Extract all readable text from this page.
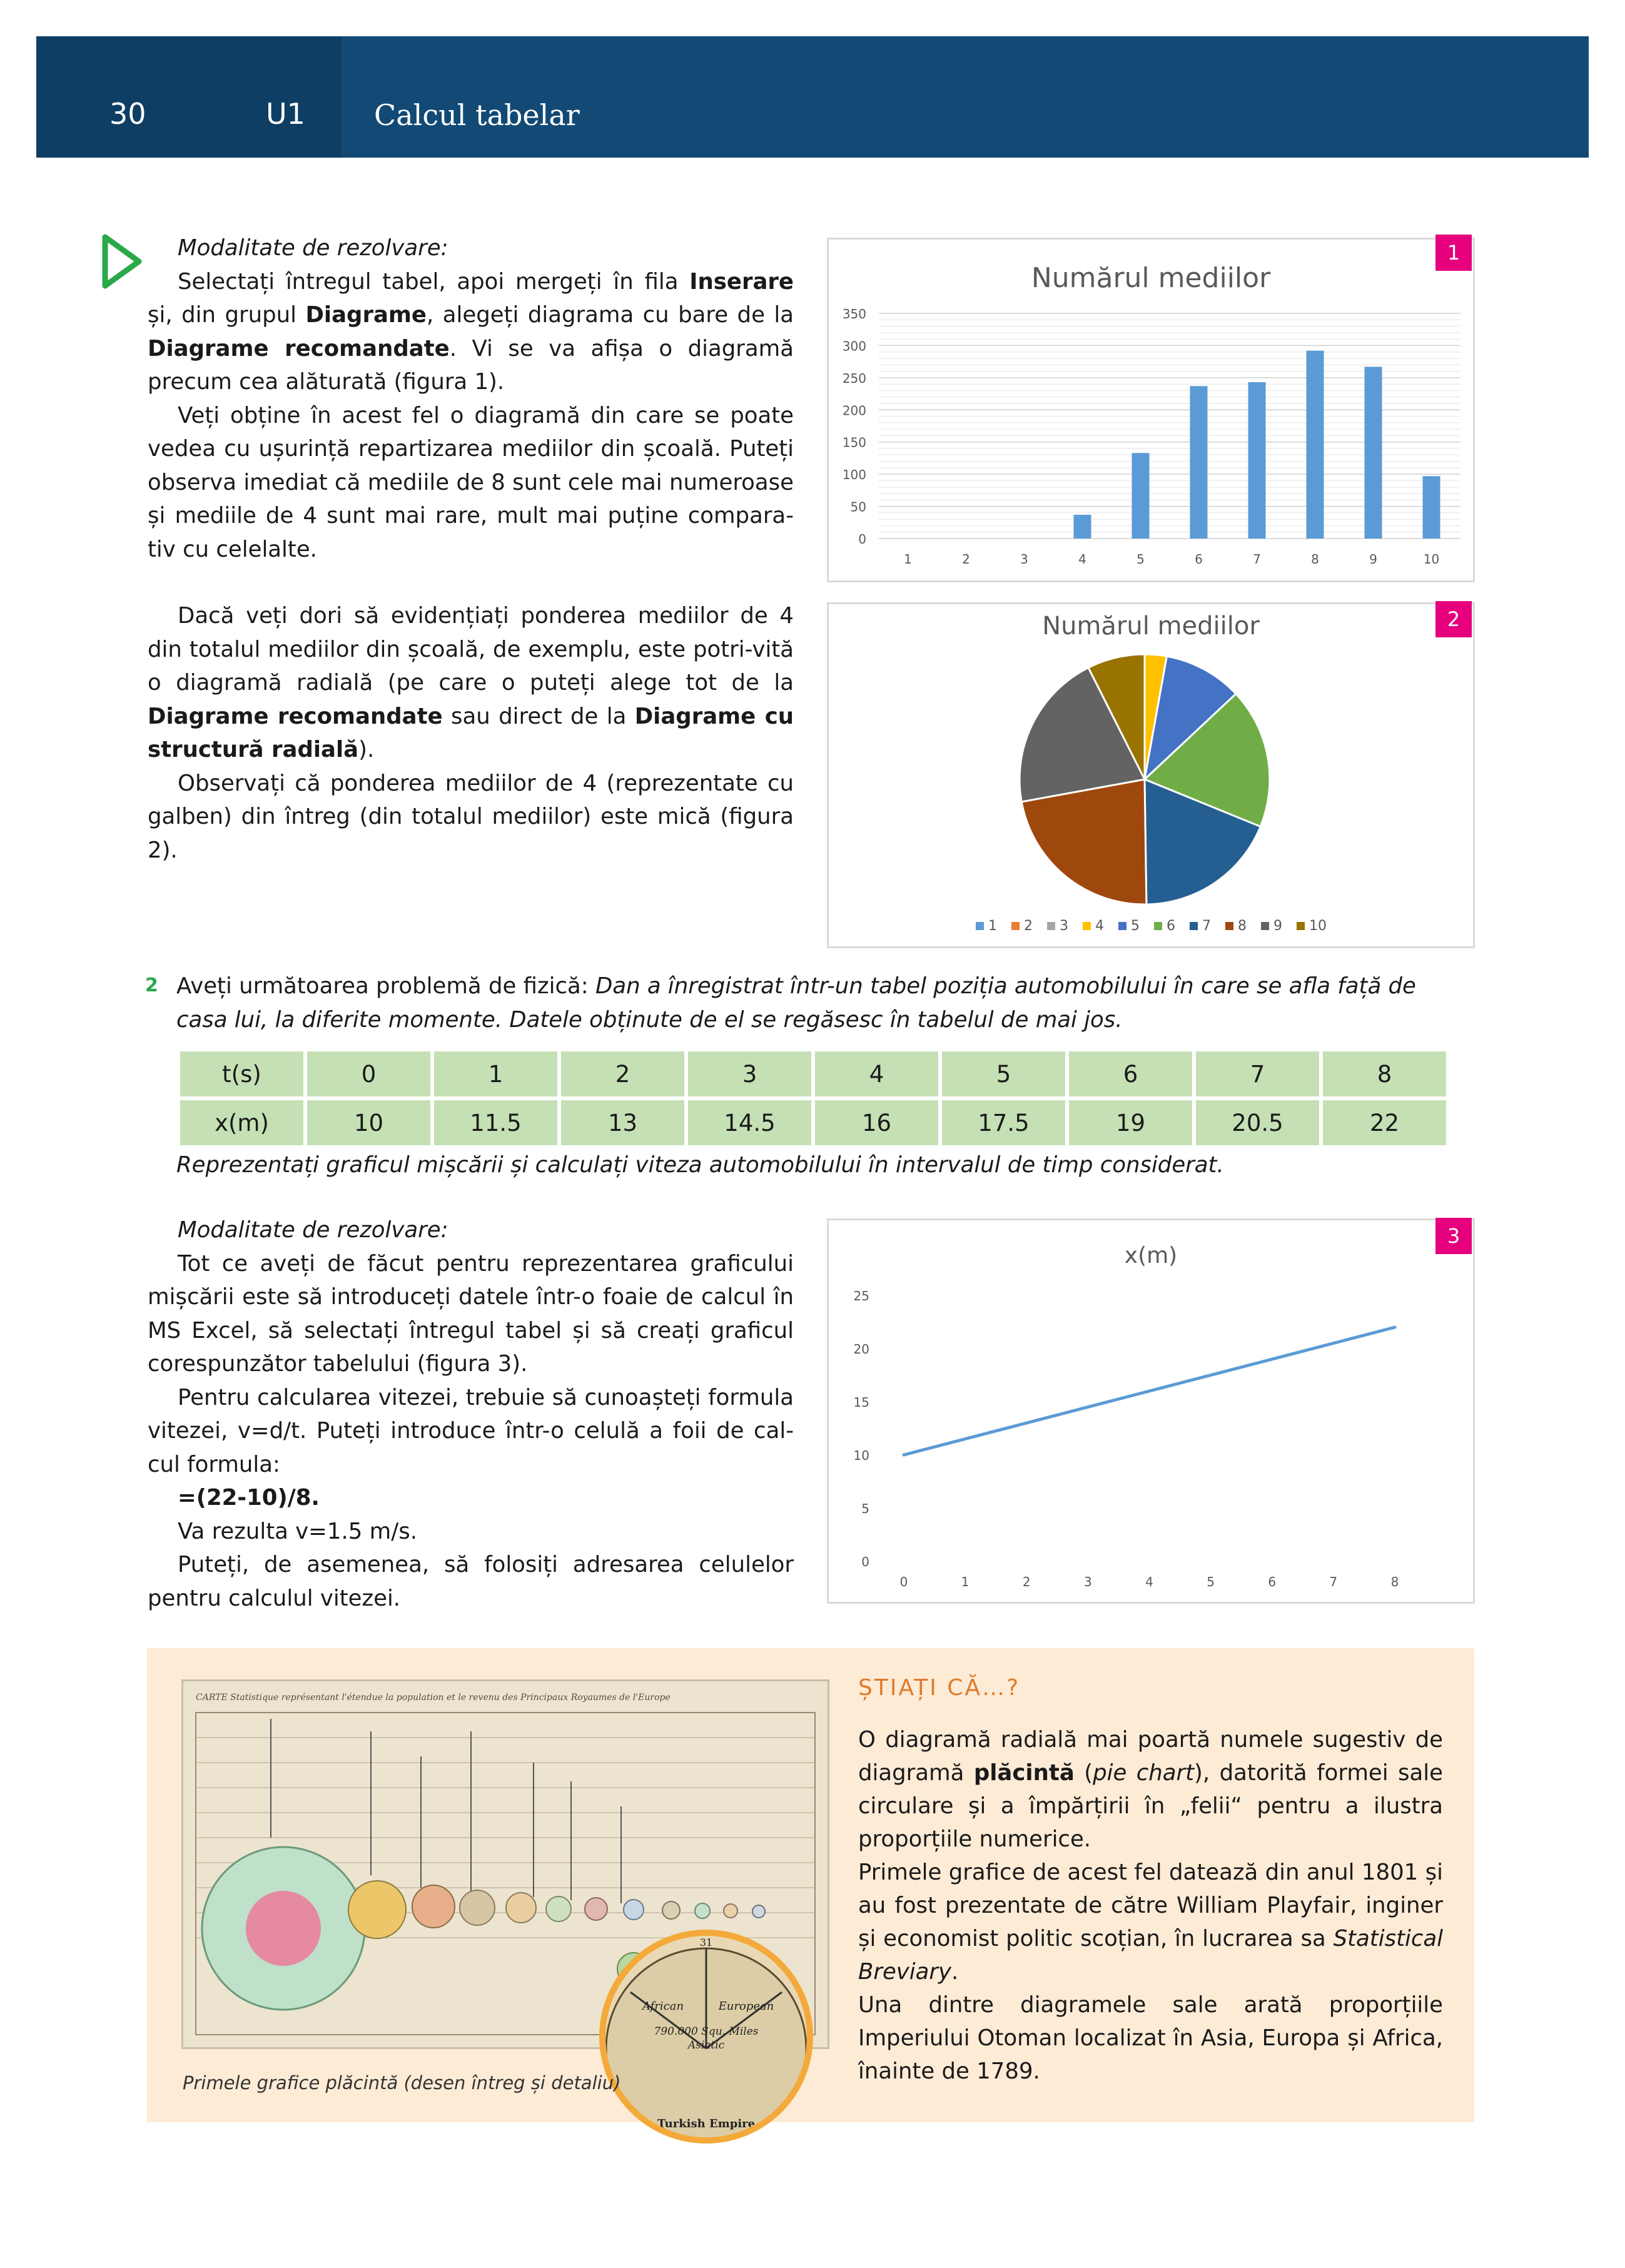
30	U1 Calcul tabelar

Modalitate de rezolvare:

Selectați întregul tabel, apoi mergeți în fila Inserare și, din grupul Diagrame, alegeți diagrama cu bare de la Diagrame recomandate. Vi se va afișa o diagramă precum cea alăturată (figura 1).

Veți obține în acest fel o diagramă din care se poate vedea cu ușurință repartizarea mediilor din școală. Puteți observa imediat că mediile de 8 sunt cele mai numeroase și mediile de 4 sunt mai rare, mult mai puține compara-tiv cu celelalte.

Dacă veți dori să evidențiați ponderea mediilor de 4 din totalul mediilor din școală, de exemplu, este potri-vită o diagramă radială (pe care o puteți alege tot de la Diagrame recomandate sau direct de la Diagrame cu structură radială).

Observați că ponderea mediilor de 4 (reprezentate cu galben) din întreg (din totalul mediilor) este mică (figura 2).

0
50
100
150
200
250
300
350
1	2	3	4	5	6	7	8	9	10
Numărul mediilor
1
1 2 3 4 5 6 7 8 9 10
Numărul mediilor	2
2 Aveți următoarea problemă de fizică: Dan a înregistrat într-un tabel poziția automobilului în care se afla față de casa lui, la diferite momente. Datele obținute de el se regăsesc în tabelul de mai jos.

t(s)	0	1	2	3	4	5	6	7	8
x(m)	10	11.5	13	14.5	16	17.5	19	20.5	22
Reprezentați graficul mișcării și calculați viteza automobilului în intervalul de timp considerat.

Modalitate de rezolvare:

Tot ce aveți de făcut pentru reprezentarea graficului mișcării este să introduceți datele într-o foaie de calcul în MS Excel, să selectați întregul tabel și să creați graficul corespunzător tabelului (figura 3).

Pentru calcularea vitezei, trebuie să cunoașteți formula vitezei, v=d/t. Puteți introduce într-o celulă a foii de cal-cul formula:

=(22-10)/8.

Va rezulta v=1.5 m/s.

Puteți, de asemenea, să folosiți adresarea celulelor pentru calculul vitezei.

0
5
10
15
20
25
0	1	2	3	4	5	6	7	8
x(m)
3
CARTE Statistique représentant l'étendue la population et le revenu des Principaux Royaumes de l'Europe
31
African	European
790.000 Squ. Miles
Asiatic
Turkish Empire
Primele grafice plăcintă (desen întreg și detaliu)
ȘTIAȚI CĂ…?

O diagramă radială mai poartă numele sugestiv de diagramă plăcintă (pie chart), datorită formei sale circulare și a împărțirii în „felii“ pentru a ilustra proporțiile numerice.

Primele grafice de acest fel datează din anul 1801 și au fost prezentate de către William Playfair, inginer și economist politic scoțian, în lucrarea sa Statistical Breviary.

Una dintre diagramele sale arată proporțiile Imperiului Otoman localizat în Asia, Europa și Africa, înainte de 1789.
